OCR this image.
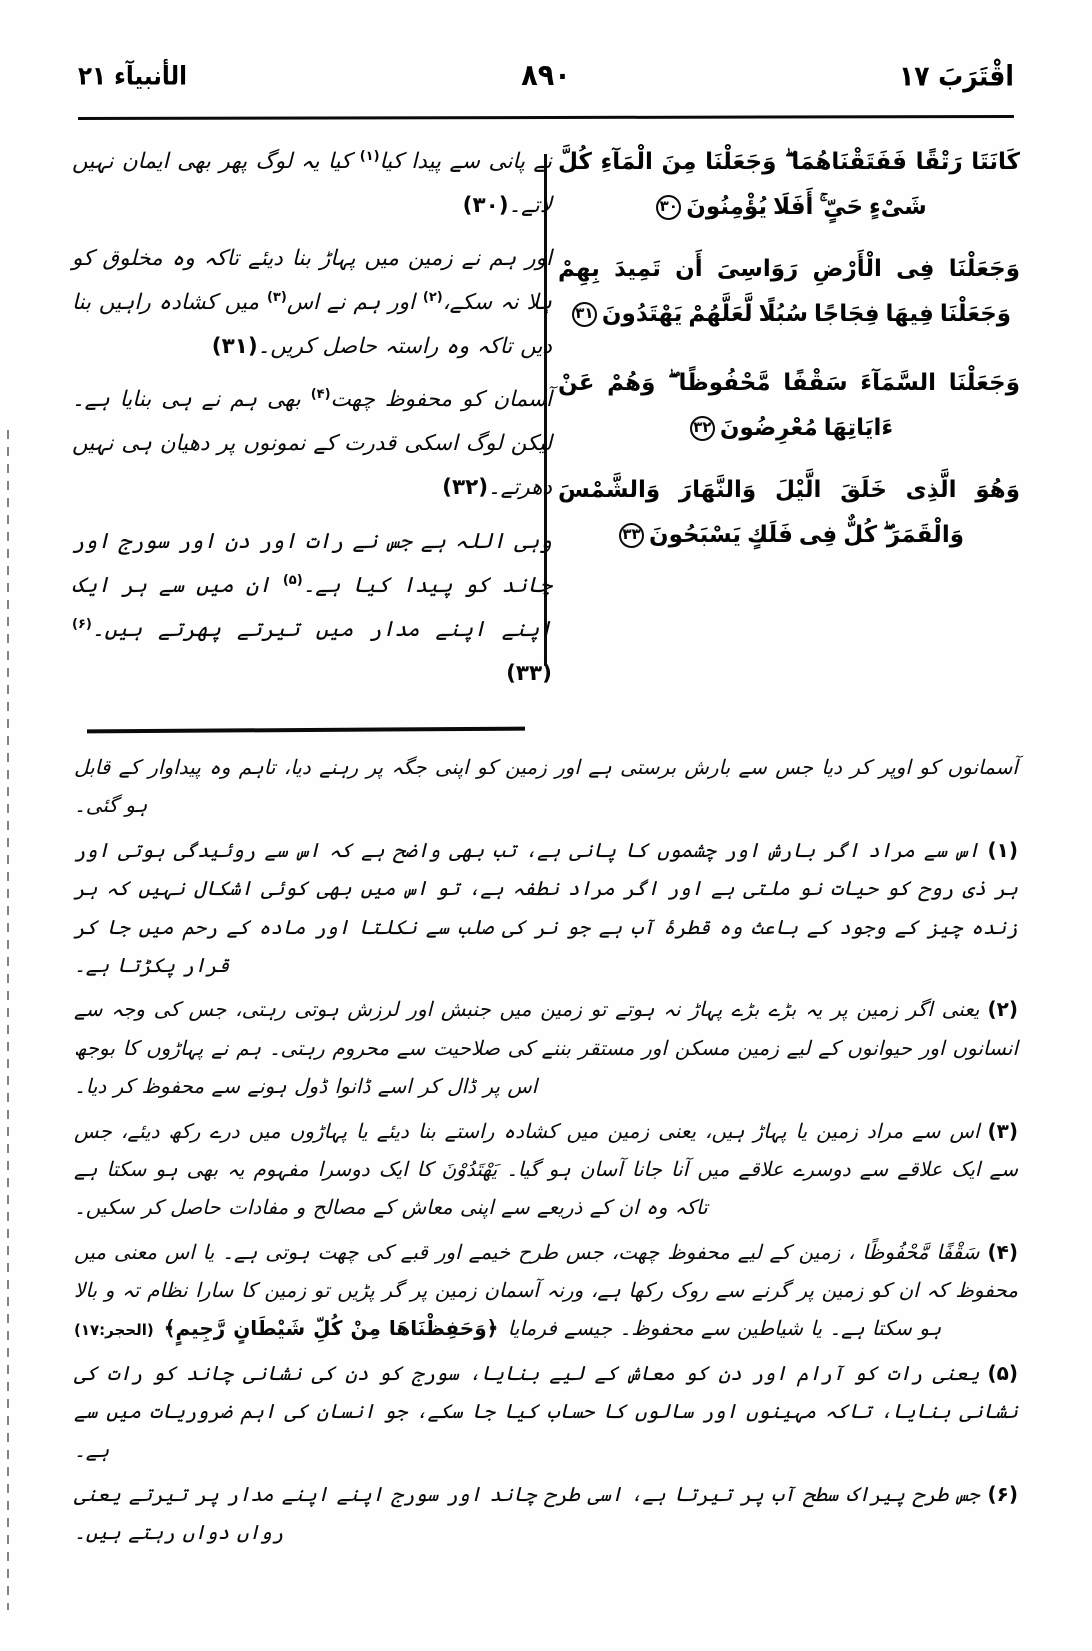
اقْتَرَبَ ١٧
٨٩٠
الأنبيآء ٢١
كَانَتَا رَتْقًا فَفَتَقْنَاهُمَا ۖ وَجَعَلْنَا مِنَ الْمَآءِ كُلَّ شَىْءٍ حَىٍّ ۚ أَفَلَا يُؤْمِنُونَ٣٠
وَجَعَلْنَا فِى الْأَرْضِ رَوَاسِىَ أَن تَمِيدَ بِهِمْ وَجَعَلْنَا فِيهَا فِجَاجًا سُبُلًا لَّعَلَّهُمْ يَهْتَدُونَ٣١
وَجَعَلْنَا السَّمَآءَ سَقْفًا مَّحْفُوظًا ۖ وَهُمْ عَنْ ءَايَاتِهَا مُعْرِضُونَ٣٢
وَهُوَ الَّذِى خَلَقَ الَّيْلَ وَالنَّهَارَ وَالشَّمْسَ وَالْقَمَرَ ۖ كُلٌّ فِى فَلَكٍ يَسْبَحُونَ٣٣
نے پانی سے پیدا کیا$^{(۱)}$ کیا یہ لوگ پھر بھی ایمان نہیں لاتے۔(۳۰)
اور ہم نے زمین میں پہاڑ بنا دیئے تاکہ وہ مخلوق کو ہلا نہ سکے،$^{(۲)}$ اور ہم نے اس$^{(۳)}$ میں کشادہ راہیں بنا دیں تاکہ وہ راستہ حاصل کریں۔(۳۱)
آسمان کو محفوظ چھت$^{(۴)}$ بھی ہم نے ہی بنایا ہے۔ لیکن لوگ اسکی قدرت کے نمونوں پر دھیان ہی نہیں دھرتے۔(۳۲)
وہی اللہ ہے جس نے رات اور دن اور سورج اور چاند کو پیدا کیا ہے۔$^{(۵)}$ ان میں سے ہر ایک اپنے اپنے مدار میں تیرتے پھرتے ہیں۔$^{(۶)}$ (۳۳)
آسمانوں کو اوپر کر دیا جس سے بارش برستی ہے اور زمین کو اپنی جگہ پر رہنے دیا، تاہم وہ پیداوار کے قابل ہو گئی۔
(۱)اس سے مراد اگر بارش اور چشموں کا پانی ہے، تب بھی واضح ہے کہ اس سے روئیدگی ہوتی اور ہر ذی روح کو حیات نو ملتی ہے اور اگر مراد نطفہ ہے، تو اس میں بھی کوئی اشکال نہیں کہ ہر زندہ چیز کے وجود کے باعث وہ قطرۂ آب ہے جو نر کی صلب سے نکلتا اور مادہ کے رحم میں جا کر قرار پکڑتا ہے۔
(۲)یعنی اگر زمین پر یہ بڑے بڑے پہاڑ نہ ہوتے تو زمین میں جنبش اور لرزش ہوتی رہتی، جس کی وجہ سے انسانوں اور حیوانوں کے لیے زمین مسکن اور مستقر بننے کی صلاحیت سے محروم رہتی۔ ہم نے پہاڑوں کا بوجھ اس پر ڈال کر اسے ڈانوا ڈول ہونے سے محفوظ کر دیا۔
(۳)اس سے مراد زمین یا پہاڑ ہیں، یعنی زمین میں کشادہ راستے بنا دیئے یا پہاڑوں میں درے رکھ دیئے، جس سے ایک علاقے سے دوسرے علاقے میں آنا جانا آسان ہو گیا۔ یَهْتَدُوْنَ کا ایک دوسرا مفہوم یہ بھی ہو سکتا ہے تاکہ وہ ان کے ذریعے سے اپنی معاش کے مصالح و مفادات حاصل کر سکیں۔
(۴)سَقْفًا مَّحْفُوظًا ، زمین کے لیے محفوظ چھت، جس طرح خیمے اور قبے کی چھت ہوتی ہے۔ یا اس معنی میں محفوظ کہ ان کو زمین پر گرنے سے روک رکھا ہے، ورنہ آسمان زمین پر گر پڑیں تو زمین کا سارا نظام تہ و بالا ہو سکتا ہے۔ یا شیاطین سے محفوظ۔ جیسے فرمایا ﴿وَحَفِظْنَاهَا مِنْ كُلِّ شَيْطَانٍ رَّجِيمٍ﴾(الحجر:۱۷)
(۵)یعنی رات کو آرام اور دن کو معاش کے لیے بنایا، سورج کو دن کی نشانی چاند کو رات کی نشانی بنایا، تاکہ مہینوں اور سالوں کا حساب کیا جا سکے، جو انسان کی اہم ضروریات میں سے ہے۔
(۶)جس طرح پیراک سطح آب پر تیرتا ہے، اسی طرح چاند اور سورج اپنے اپنے مدار پر تیرتے یعنی رواں دواں رہتے ہیں۔
